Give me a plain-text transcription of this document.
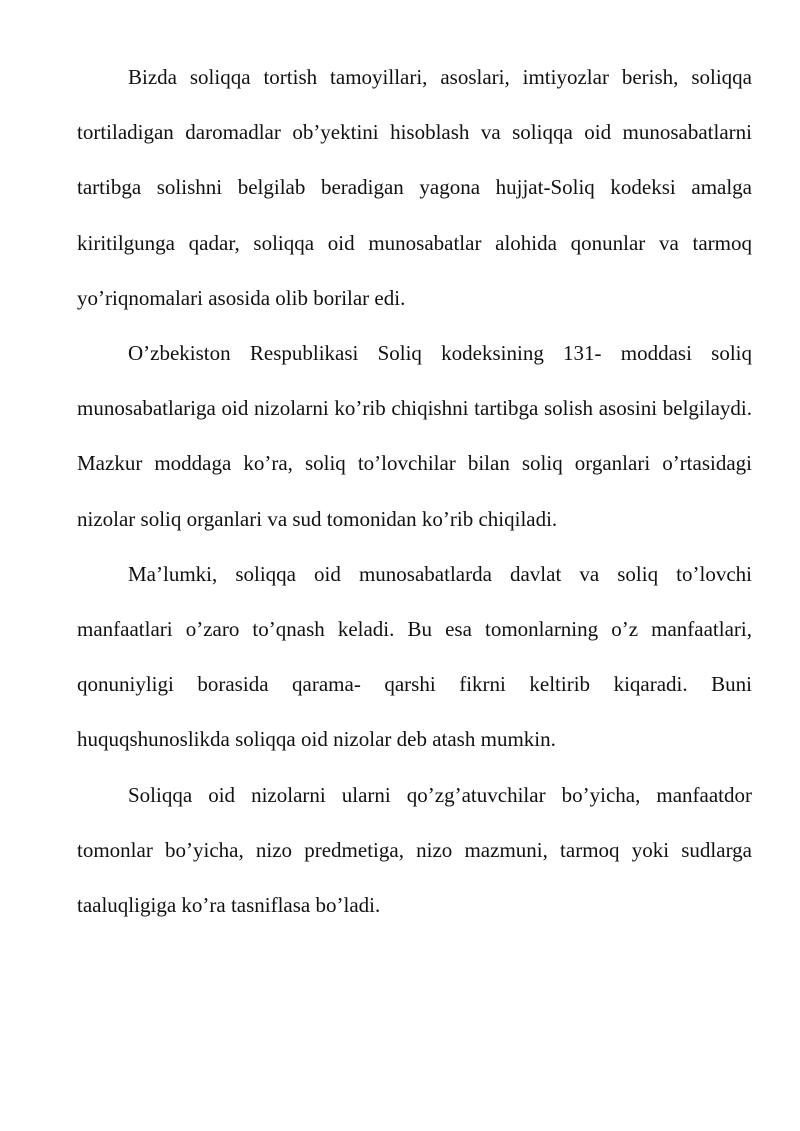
Bizda soliqqa tortish tamoyillari, asoslari, imtiyozlar berish, soliqqa tortiladigan daromadlar ob’yektini hisoblash va soliqqa oid munosabatlarni tartibga solishni belgilab beradigan yagona hujjat-Soliq kodeksi amalga kiritilgunga qadar, soliqqa oid munosabatlar alohida qonunlar va tarmoq yo’riqnomalari asosida olib borilar edi.

O’zbekiston Respublikasi Soliq kodeksining 131- moddasi soliq munosabatlariga oid nizolarni ko’rib chiqishni tartibga solish asosini belgilaydi. Mazkur moddaga ko’ra, soliq to’lovchilar bilan soliq organlari o’rtasidagi nizolar soliq organlari va sud tomonidan ko’rib chiqiladi.

Ma’lumki, soliqqa oid munosabatlarda davlat va soliq to’lovchi manfaatlari o’zaro to’qnash keladi. Bu esa tomonlarning o’z manfaatlari, qonuniyligi borasida qarama- qarshi fikrni keltirib kiqaradi. Buni huquqshunoslikda soliqqa oid nizolar deb atash mumkin.

Soliqqa oid nizolarni ularni qo’zg’atuvchilar bo’yicha, manfaatdor tomonlar bo’yicha, nizo predmetiga, nizo mazmuni, tarmoq yoki sudlarga taaluqligiga ko’ra tasniflasa bo’ladi.
